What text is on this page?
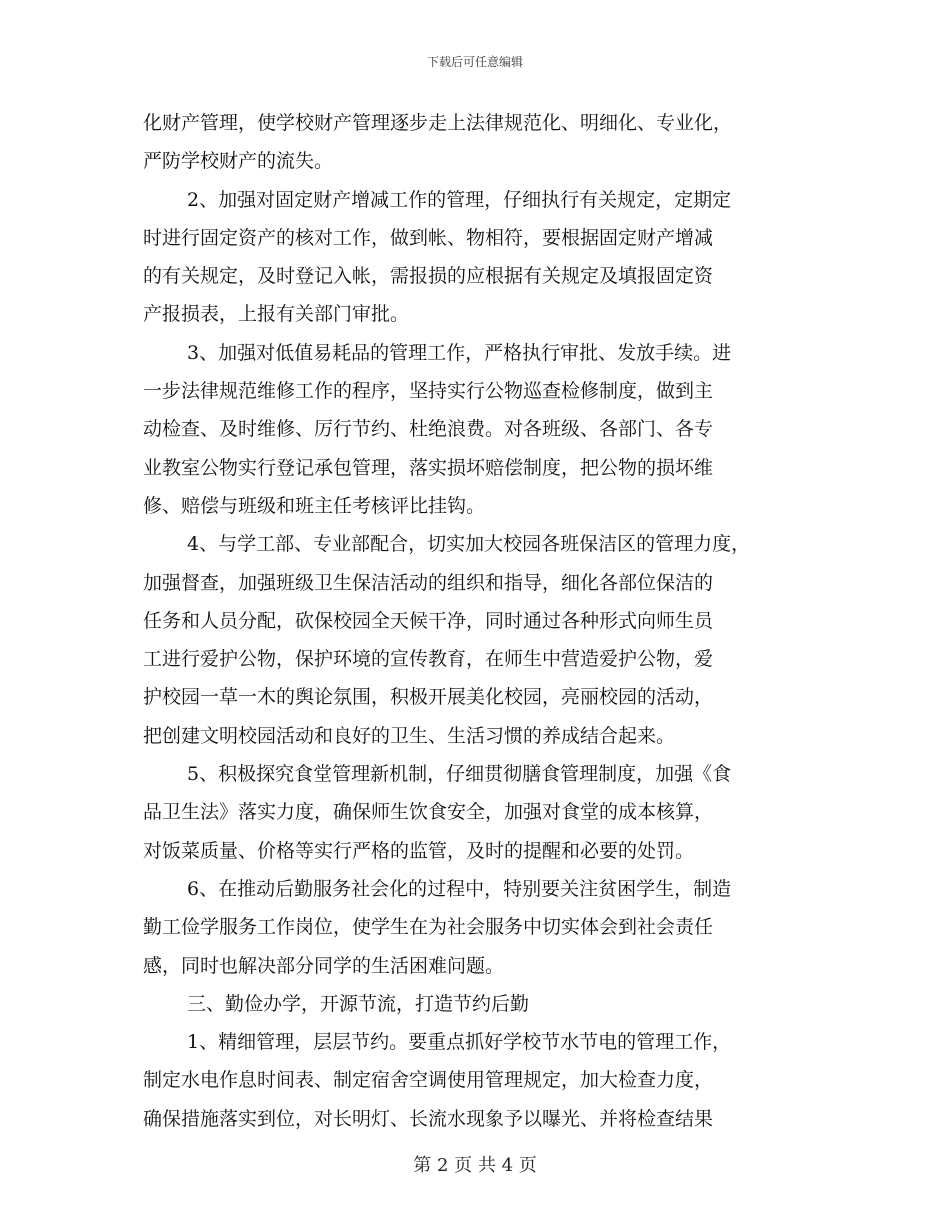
下载后可任意编辑
化财产管理，使学校财产管理逐步走上法律规范化、明细化、专业化，
严防学校财产的流失。
2、加强对固定财产增减工作的管理，仔细执行有关规定，定期定
时进行固定资产的核对工作，做到帐、物相符，要根据固定财产增减
的有关规定，及时登记入帐，需报损的应根据有关规定及填报固定资
产报损表，上报有关部门审批。
3、加强对低值易耗品的管理工作，严格执行审批、发放手续。进
一步法律规范维修工作的程序，坚持实行公物巡查检修制度，做到主
动检查、及时维修、厉行节约、杜绝浪费。对各班级、各部门、各专
业教室公物实行登记承包管理，落实损坏赔偿制度，把公物的损坏维
修、赔偿与班级和班主任考核评比挂钩。
4、与学工部、专业部配合，切实加大校园各班保洁区的管理力度，
加强督查，加强班级卫生保洁活动的组织和指导，细化各部位保洁的
任务和人员分配，砍保校园全天候干净，同时通过各种形式向师生员
工进行爱护公物，保护环境的宣传教育，在师生中营造爱护公物，爱
护校园一草一木的舆论氛围，积极开展美化校园，亮丽校园的活动，
把创建文明校园活动和良好的卫生、生活习惯的养成结合起来。
5、积极探究食堂管理新机制，仔细贯彻膳食管理制度，加强《食
品卫生法》落实力度，确保师生饮食安全，加强对食堂的成本核算，
对饭菜质量、价格等实行严格的监管，及时的提醒和必要的处罚。
6、在推动后勤服务社会化的过程中，特别要关注贫困学生，制造
勤工俭学服务工作岗位，使学生在为社会服务中切实体会到社会责任
感，同时也解决部分同学的生活困难问题。
三、勤俭办学，开源节流，打造节约后勤
1、精细管理，层层节约。要重点抓好学校节水节电的管理工作，
制定水电作息时间表、制定宿舍空调使用管理规定，加大检查力度，
确保措施落实到位，对长明灯、长流水现象予以曝光、并将检查结果
第 2 页 共 4 页
